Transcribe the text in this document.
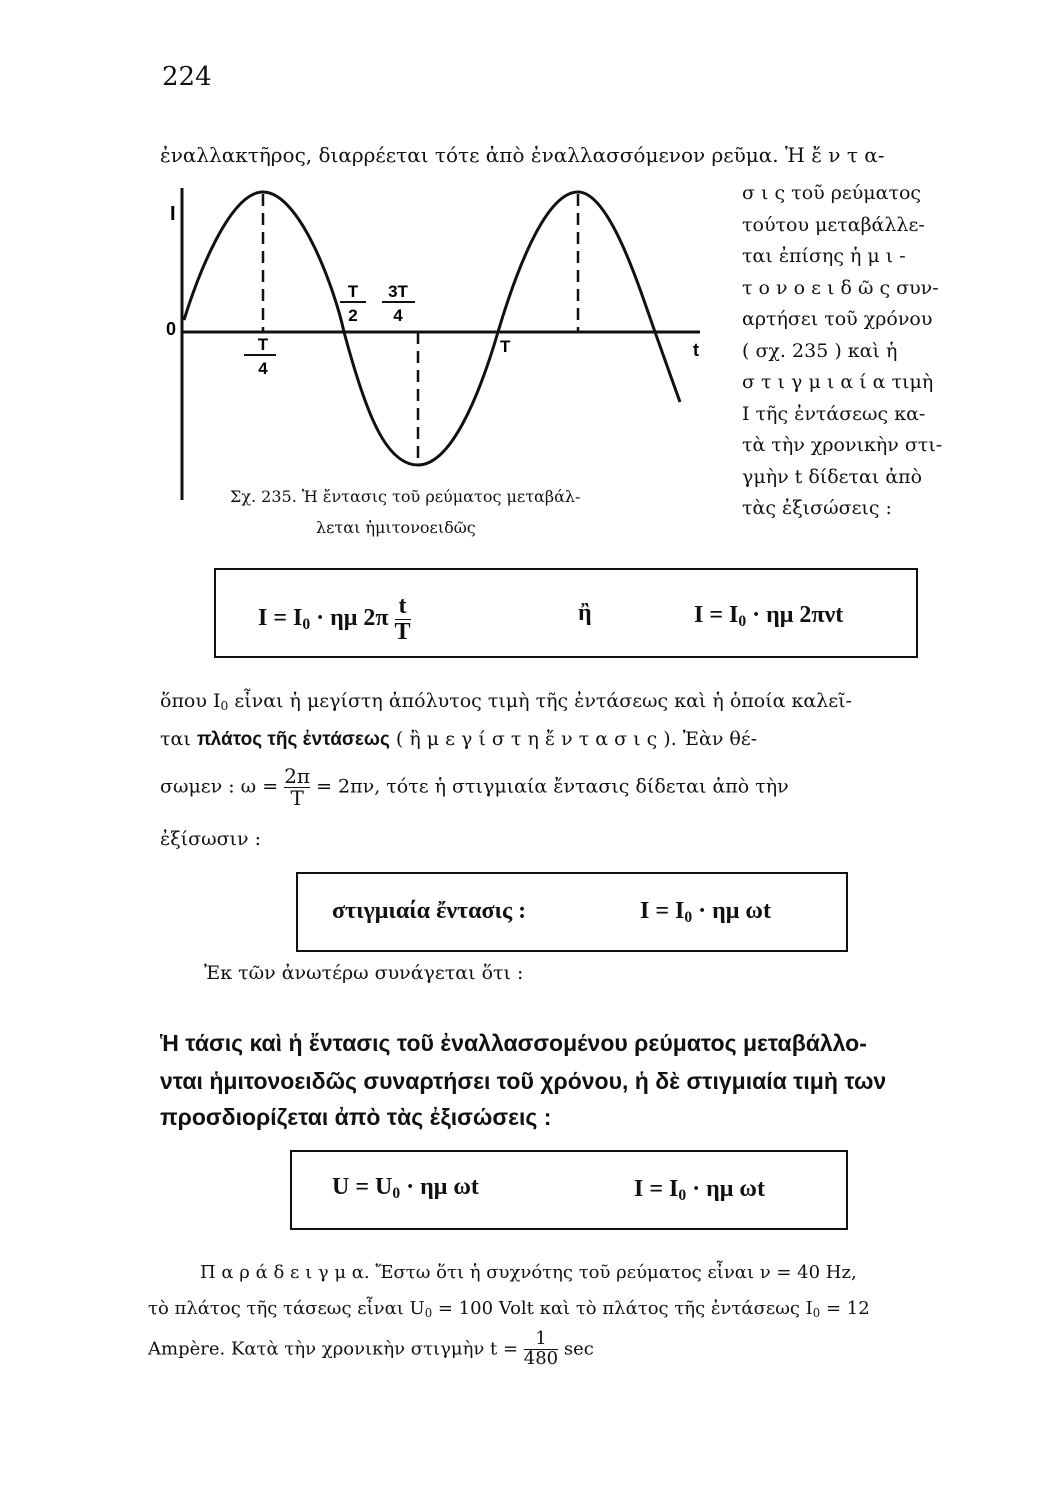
224
ἐναλλακτῆρος, διαρρέεται τότε ἀπὸ ἐναλλασσόμενον ρεῦμα. Ἡ ἔ ν τ α-
I
0
t
T
T
4
T
2
3T
4
Σχ. 235. Ἡ ἔντασις τοῦ ρεύματος μεταβάλ-
λεται ἡμιτονοειδῶς
σ ι ς τοῦ ρεύματος
τούτου μεταβάλλε-
ται ἐπίσης ἡ μ ι -
τ ο ν ο ε ι δ ῶ ς συν-
αρτήσει τοῦ χρόνου
( σχ. 235 ) καὶ ἡ
σ τ ι γ μ ι α ί α τιμὴ
I τῆς ἐντάσεως κα-
τὰ τὴν χρονικὴν στι-
γμὴν t δίδεται ἀπὸ
τὰς ἐξισώσεις :
$I = I_0 \cdot \eta\mu$ $2\pi \frac{t}{T}$	ἢ	$I = I_0 \cdot \eta\mu$ 2πνt
ὅπου $I_0$ εἶναι ἡ μεγίστη ἀπόλυτος τιμὴ τῆς ἐντάσεως καὶ ἡ ὁποία καλεῖ-
ται πλάτος τῆς ἐντάσεως ( ἢ μ ε γ ί σ τ η ἔ ν τ α σ ι ς ). Ἐὰν θέ-
σωμεν : $\omega = \frac{2\pi}{T} = 2\pi\nu$, τότε ἡ στιγμιαία ἔντασις δίδεται ἀπὸ τὴν
ἐξίσωσιν :
στιγμιαία ἔντασις :	$I = I_0 \cdot \eta\mu$ ωt
Ἐκ τῶν ἀνωτέρω συνάγεται ὅτι :
Ἡ τάσις καὶ ἡ ἔντασις τοῦ ἐναλλασσομένου ρεύματος μεταβάλλο-
νται ἡμιτονοειδῶς συναρτήσει τοῦ χρόνου, ἡ δὲ στιγμιαία τιμὴ των
προσδιορίζεται ἀπὸ τὰς ἐξισώσεις :
$U = U_0 \cdot \eta\mu$ ωt	$I = I_0 \cdot \eta\mu$ ωt
Π α ρ ά δ ε ι γ μ α. Ἔστω ὅτι ἡ συχνότης τοῦ ρεύματος εἶναι ν = 40 Hz,
τὸ πλάτος τῆς τάσεως εἶναι $U_0 = 100$ Volt καὶ τὸ πλάτος τῆς ἐντάσεως $I_0 = 12$
Ampère. Κατὰ τὴν χρονικὴν στιγμὴν $t = \frac{1}{480}$ sec
